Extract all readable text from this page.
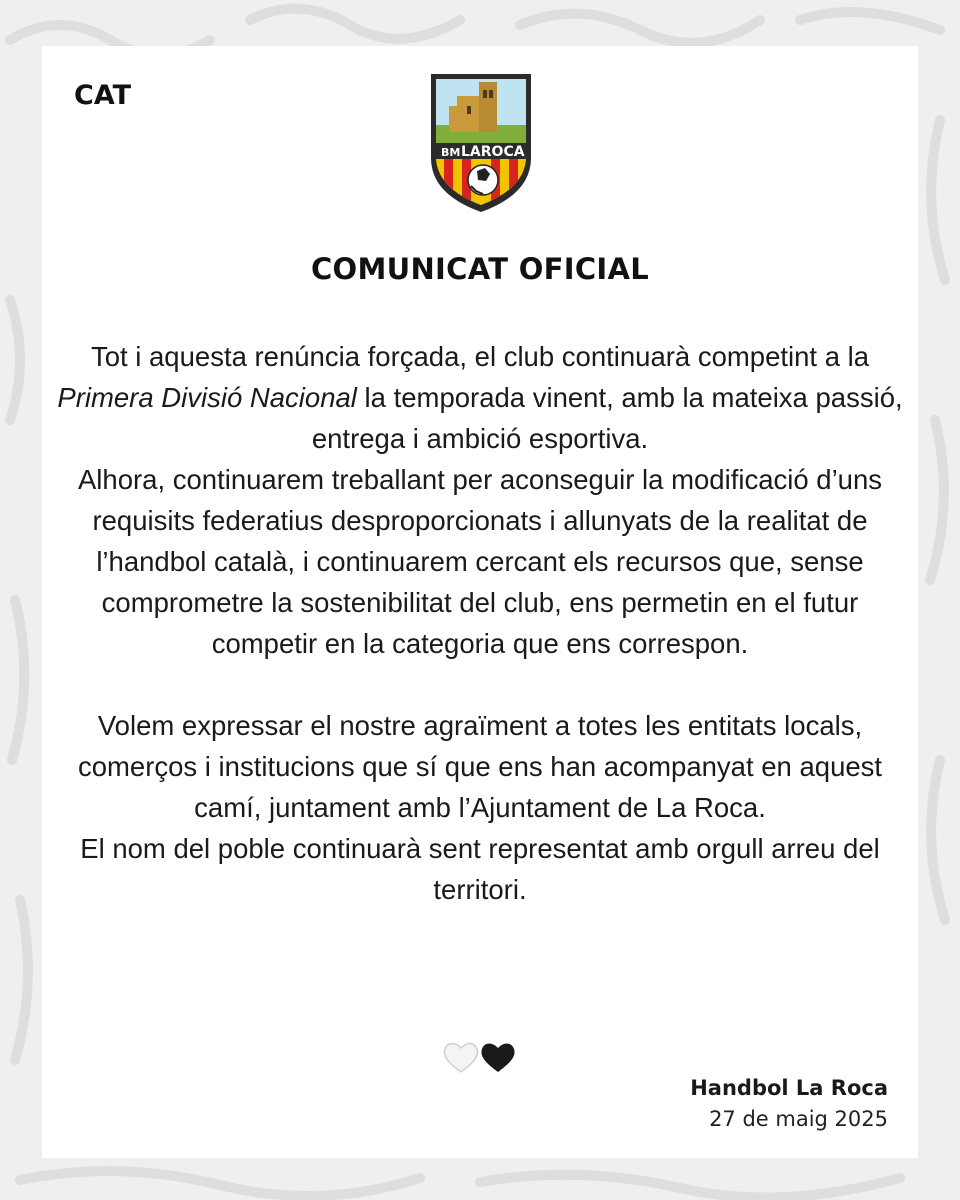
CAT
BM LAROCA
COMUNICAT OFICIAL

Tot i aquesta renúncia forçada, el club continuarà competint a la Primera Divisió Nacional la temporada vinent, amb la mateixa passió, entrega i ambició esportiva.

Alhora, continuarem treballant per aconseguir la modificació d’uns requisits federatius desproporcionats i allunyats de la realitat de l’handbol català, i continuarem cercant els recursos que, sense comprometre la sostenibilitat del club, ens permetin en el futur competir en la categoria que ens correspon.

Volem expressar el nostre agraïment a totes les entitats locals, comerços i institucions que sí que ens han acompanyat en aquest camí, juntament amb l’Ajuntament de La Roca.

El nom del poble continuarà sent representat amb orgull arreu del territori.

Handbol La Roca
27 de maig 2025
